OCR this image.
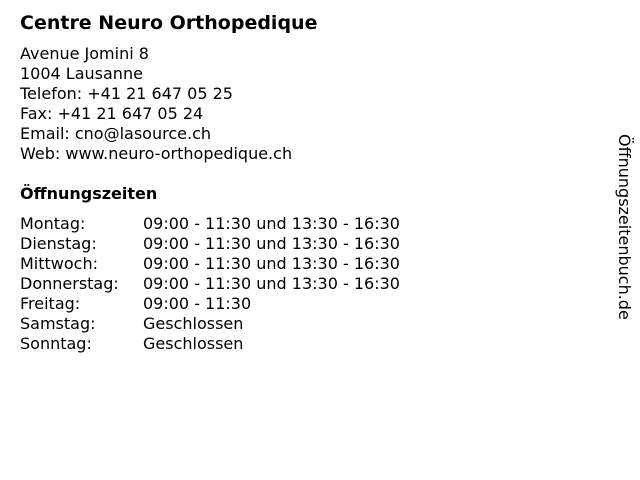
Centre Neuro Orthopedique
Avenue Jomini 8
1004 Lausanne
Telefon: +41 21 647 05 25
Fax: +41 21 647 05 24
Email: cno@lasource.ch
Web: www.neuro-orthopedique.ch
Öffnungszeiten
Montag:	09:00 - 11:30 und 13:30 - 16:30
Dienstag:	09:00 - 11:30 und 13:30 - 16:30
Mittwoch:	09:00 - 11:30 und 13:30 - 16:30
Donnerstag: 09:00 - 11:30 und 13:30 - 16:30
Freitag:	09:00 - 11:30
Samstag:	Geschlossen
Sonntag:	Geschlossen
Öffnungszeitenbuch.de
